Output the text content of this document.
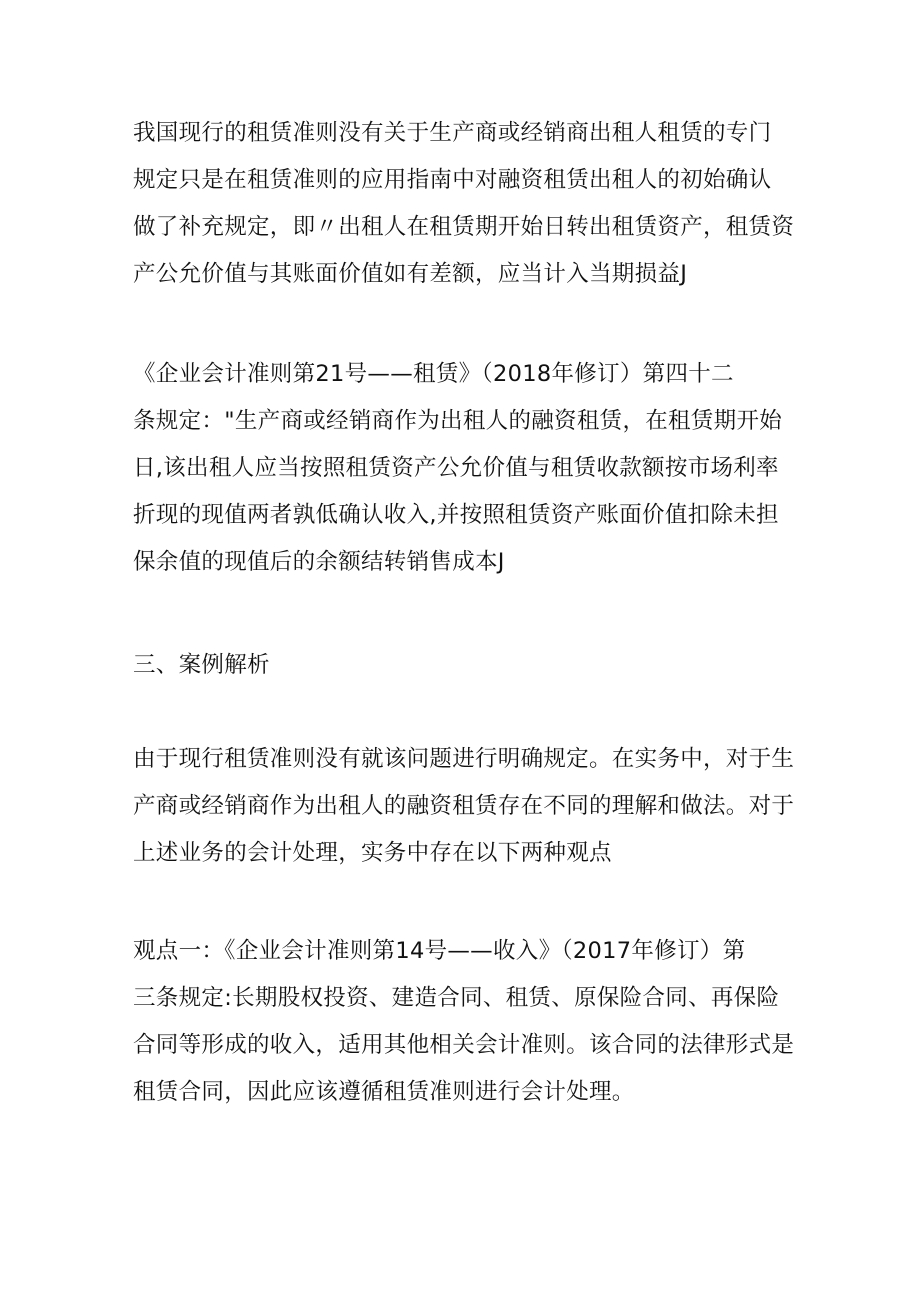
我国现行的租赁准则没有关于生产商或经销商出租人租赁的专门
规定只是在租赁准则的应用指南中对融资租赁出租人的初始确认
做了补充规定，即〃出租人在租赁期开始日转出租赁资产，租赁资
产公允价值与其账面价值如有差额，应当计入当期损益J

《企业会计准则第21号——租赁》（2018年修订）第四十二
条规定："生产商或经销商作为出租人的融资租赁，在租赁期开始
日,该出租人应当按照租赁资产公允价值与租赁收款额按市场利率
折现的现值两者孰低确认收入,并按照租赁资产账面价值扣除未担
保余值的现值后的余额结转销售成本J

三、案例解析

由于现行租赁准则没有就该问题进行明确规定。在实务中，对于生
产商或经销商作为出租人的融资租赁存在不同的理解和做法。对于
上述业务的会计处理，实务中存在以下两种观点

观点一：《企业会计准则第14号——收入》（2017年修订）第
三条规定:长期股权投资、建造合同、租赁、原保险合同、再保险
合同等形成的收入，适用其他相关会计准则。该合同的法律形式是
租赁合同，因此应该遵循租赁准则进行会计处理。
